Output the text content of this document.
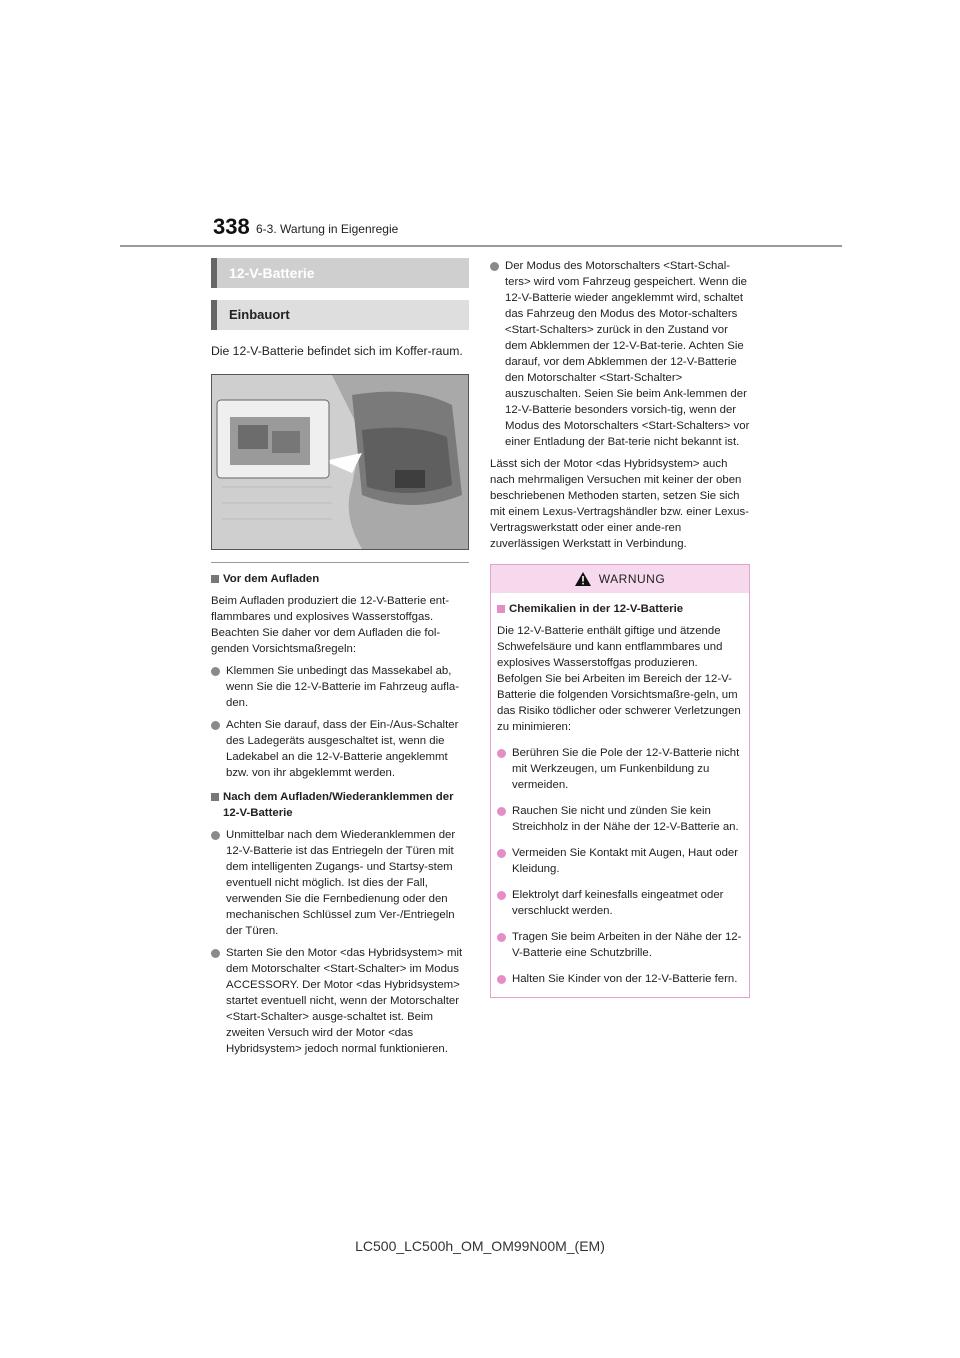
338 6-3. Wartung in Eigenregie
12-V-Batterie
Einbauort
Die 12-V-Batterie befindet sich im Koffer-raum.
Vor dem Aufladen
Beim Aufladen produziert die 12-V-Batterie ent-flammbares und explosives Wasserstoffgas. Beachten Sie daher vor dem Aufladen die fol-genden Vorsichtsmaßregeln:
Klemmen Sie unbedingt das Massekabel ab, wenn Sie die 12-V-Batterie im Fahrzeug aufla-den.
Achten Sie darauf, dass der Ein-/Aus-Schalter des Ladegeräts ausgeschaltet ist, wenn die Ladekabel an die 12-V-Batterie angeklemmt bzw. von ihr abgeklemmt werden.
Nach dem Aufladen/Wiederanklemmen der 12-V-Batterie
Unmittelbar nach dem Wiederanklemmen der 12-V-Batterie ist das Entriegeln der Türen mit dem intelligenten Zugangs- und Startsy-stem eventuell nicht möglich. Ist dies der Fall, verwenden Sie die Fernbedienung oder den mechanischen Schlüssel zum Ver-/Entriegeln der Türen.
Starten Sie den Motor <das Hybridsystem> mit dem Motorschalter <Start-Schalter> im Modus ACCESSORY. Der Motor <das Hybridsystem> startet eventuell nicht, wenn der Motorschalter <Start-Schalter> ausge-schaltet ist. Beim zweiten Versuch wird der Motor <das Hybridsystem> jedoch normal funktionieren.
Der Modus des Motorschalters <Start-Schal-ters> wird vom Fahrzeug gespeichert. Wenn die 12-V-Batterie wieder angeklemmt wird, schaltet das Fahrzeug den Modus des Motor-schalters <Start-Schalters> zurück in den Zustand vor dem Abklemmen der 12-V-Bat-terie. Achten Sie darauf, vor dem Abklemmen der 12-V-Batterie den Motorschalter <Start-Schalter> auszuschalten. Seien Sie beim Ank-lemmen der 12-V-Batterie besonders vorsich-tig, wenn der Modus des Motorschalters <Start-Schalters> vor einer Entladung der Bat-terie nicht bekannt ist.
Lässt sich der Motor <das Hybridsystem> auch nach mehrmaligen Versuchen mit keiner der oben beschriebenen Methoden starten, setzen Sie sich mit einem Lexus-Vertragshändler bzw. einer Lexus-Vertragswerkstatt oder einer ande-ren zuverlässigen Werkstatt in Verbindung.
WARNUNG
Chemikalien in der 12-V-Batterie
Die 12-V-Batterie enthält giftige und ätzende Schwefelsäure und kann entflammbares und explosives Wasserstoffgas produzieren. Befolgen Sie bei Arbeiten im Bereich der 12-V-Batterie die folgenden Vorsichtsmaßre-geln, um das Risiko tödlicher oder schwerer Verletzungen zu minimieren:
Berühren Sie die Pole der 12-V-Batterie nicht mit Werkzeugen, um Funkenbildung zu vermeiden.
Rauchen Sie nicht und zünden Sie kein Streichholz in der Nähe der 12-V-Batterie an.
Vermeiden Sie Kontakt mit Augen, Haut oder Kleidung.
Elektrolyt darf keinesfalls eingeatmet oder verschluckt werden.
Tragen Sie beim Arbeiten in der Nähe der 12-V-Batterie eine Schutzbrille.
Halten Sie Kinder von der 12-V-Batterie fern.
LC500_LC500h_OM_OM99N00M_(EM)
